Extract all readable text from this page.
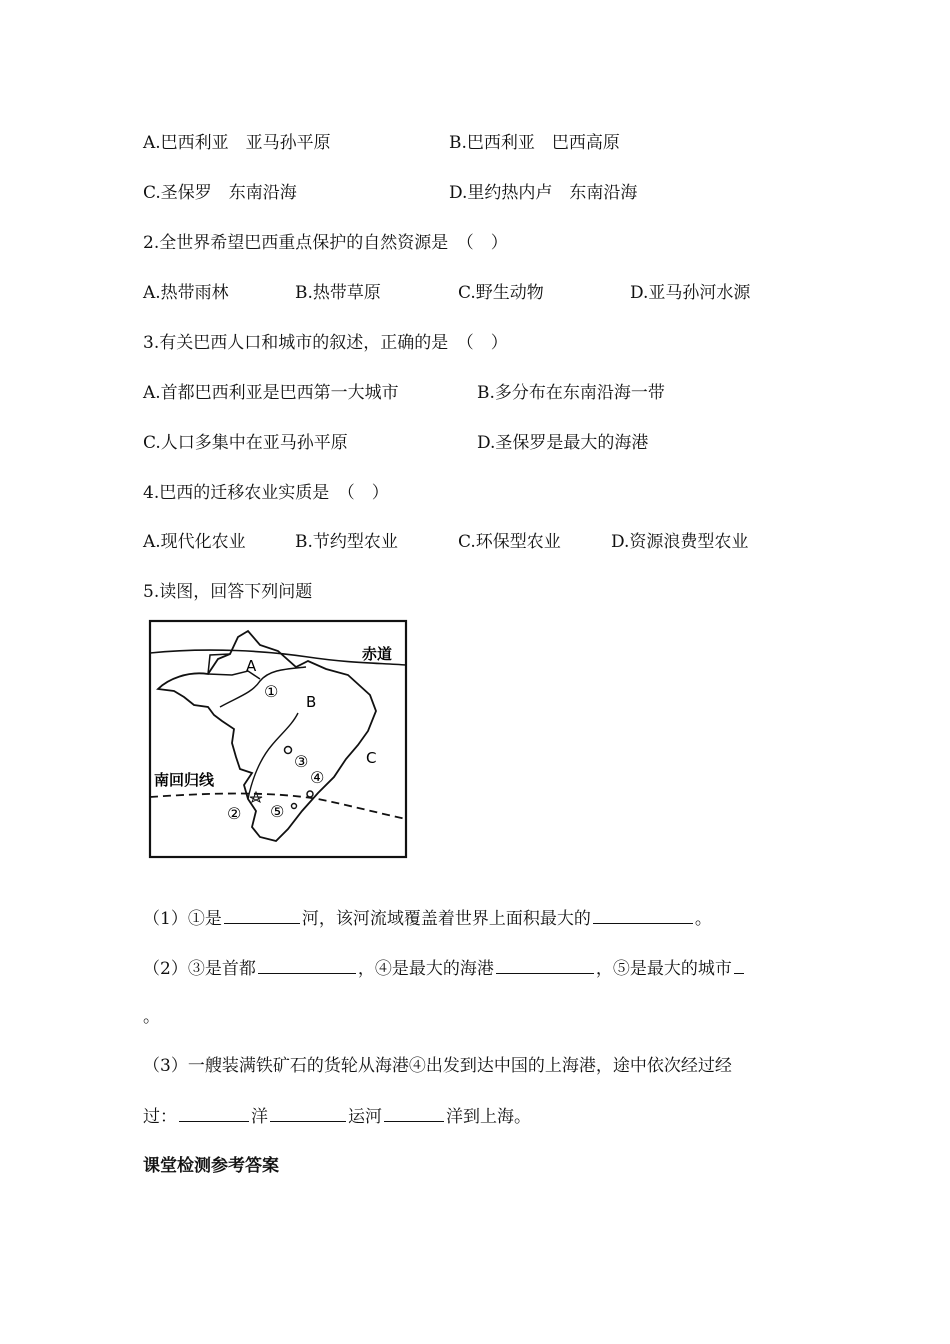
A.巴西利亚　亚马孙平原	B.巴西利亚　巴西高原
C.圣保罗　东南沿海	D.里约热内卢　东南沿海
2.全世界希望巴西重点保护的自然资源是　（　）
A.热带雨林	B.热带草原	C.野生动物	D.亚马孙河水源
3.有关巴西人口和城市的叙述，正确的是　（　）
A.首都巴西利亚是巴西第一大城市	B.多分布在东南沿海一带
C.人口多集中在亚马孙平原	D.圣保罗是最大的海港
4.巴西的迁移农业实质是　（　）
A.现代化农业	B.节约型农业	C.环保型农业	D.资源浪费型农业
5.读图，回答下列问题
赤道
南回归线
A
B
C
①
③
④
② ⑤
（1）①是	河，该河流域覆盖着世界上面积最大的	。
（2）③是首都	，④是最大的海港	，⑤是最大的城市
。
（3）一艘装满铁矿石的货轮从海港④出发到达中国的上海港，途中依次经过经
过：	洋	运河	洋到上海。
课堂检测参考答案
